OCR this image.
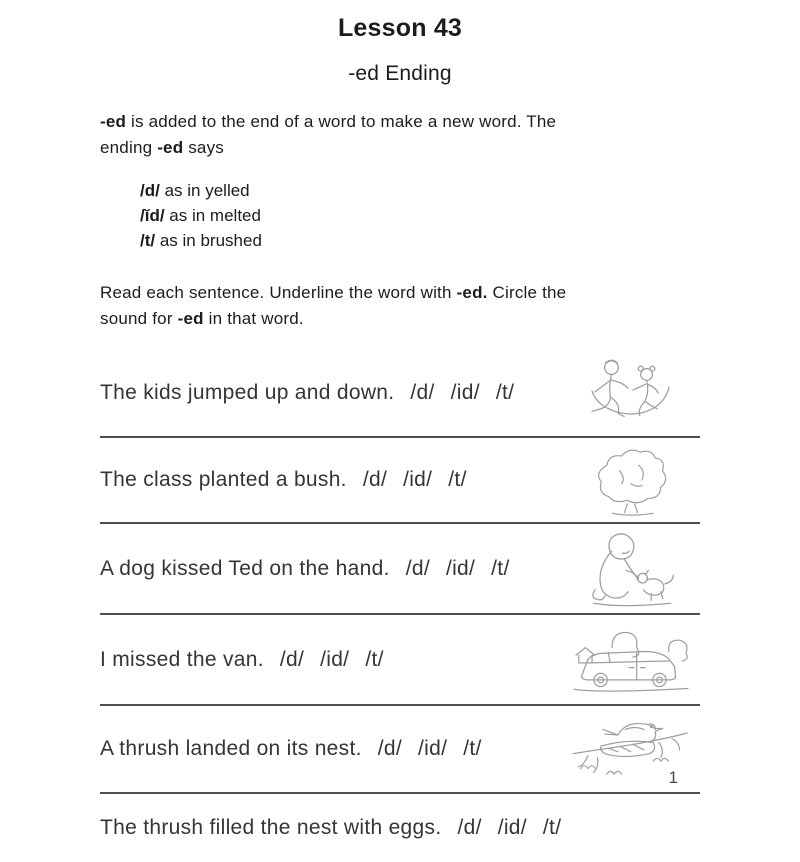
Lesson 43
-ed Ending

-ed is added to the end of a word to make a new word. The
ending -ed says

/d/ as in yelled
/ĭd/ as in melted
/t/ as in brushed

Read each sentence. Underline the word with -ed. Circle the
sound for -ed in that word.

The kids jumped up and down. /d/ /id/ /t/
The class planted a bush. /d/ /id/ /t/
A dog kissed Ted on the hand. /d/ /id/ /t/
I missed the van. /d/ /id/ /t/
A thrush landed on its nest. /d/ /id/ /t/
The thrush filled the nest with eggs. /d/ /id/ /t/
1
